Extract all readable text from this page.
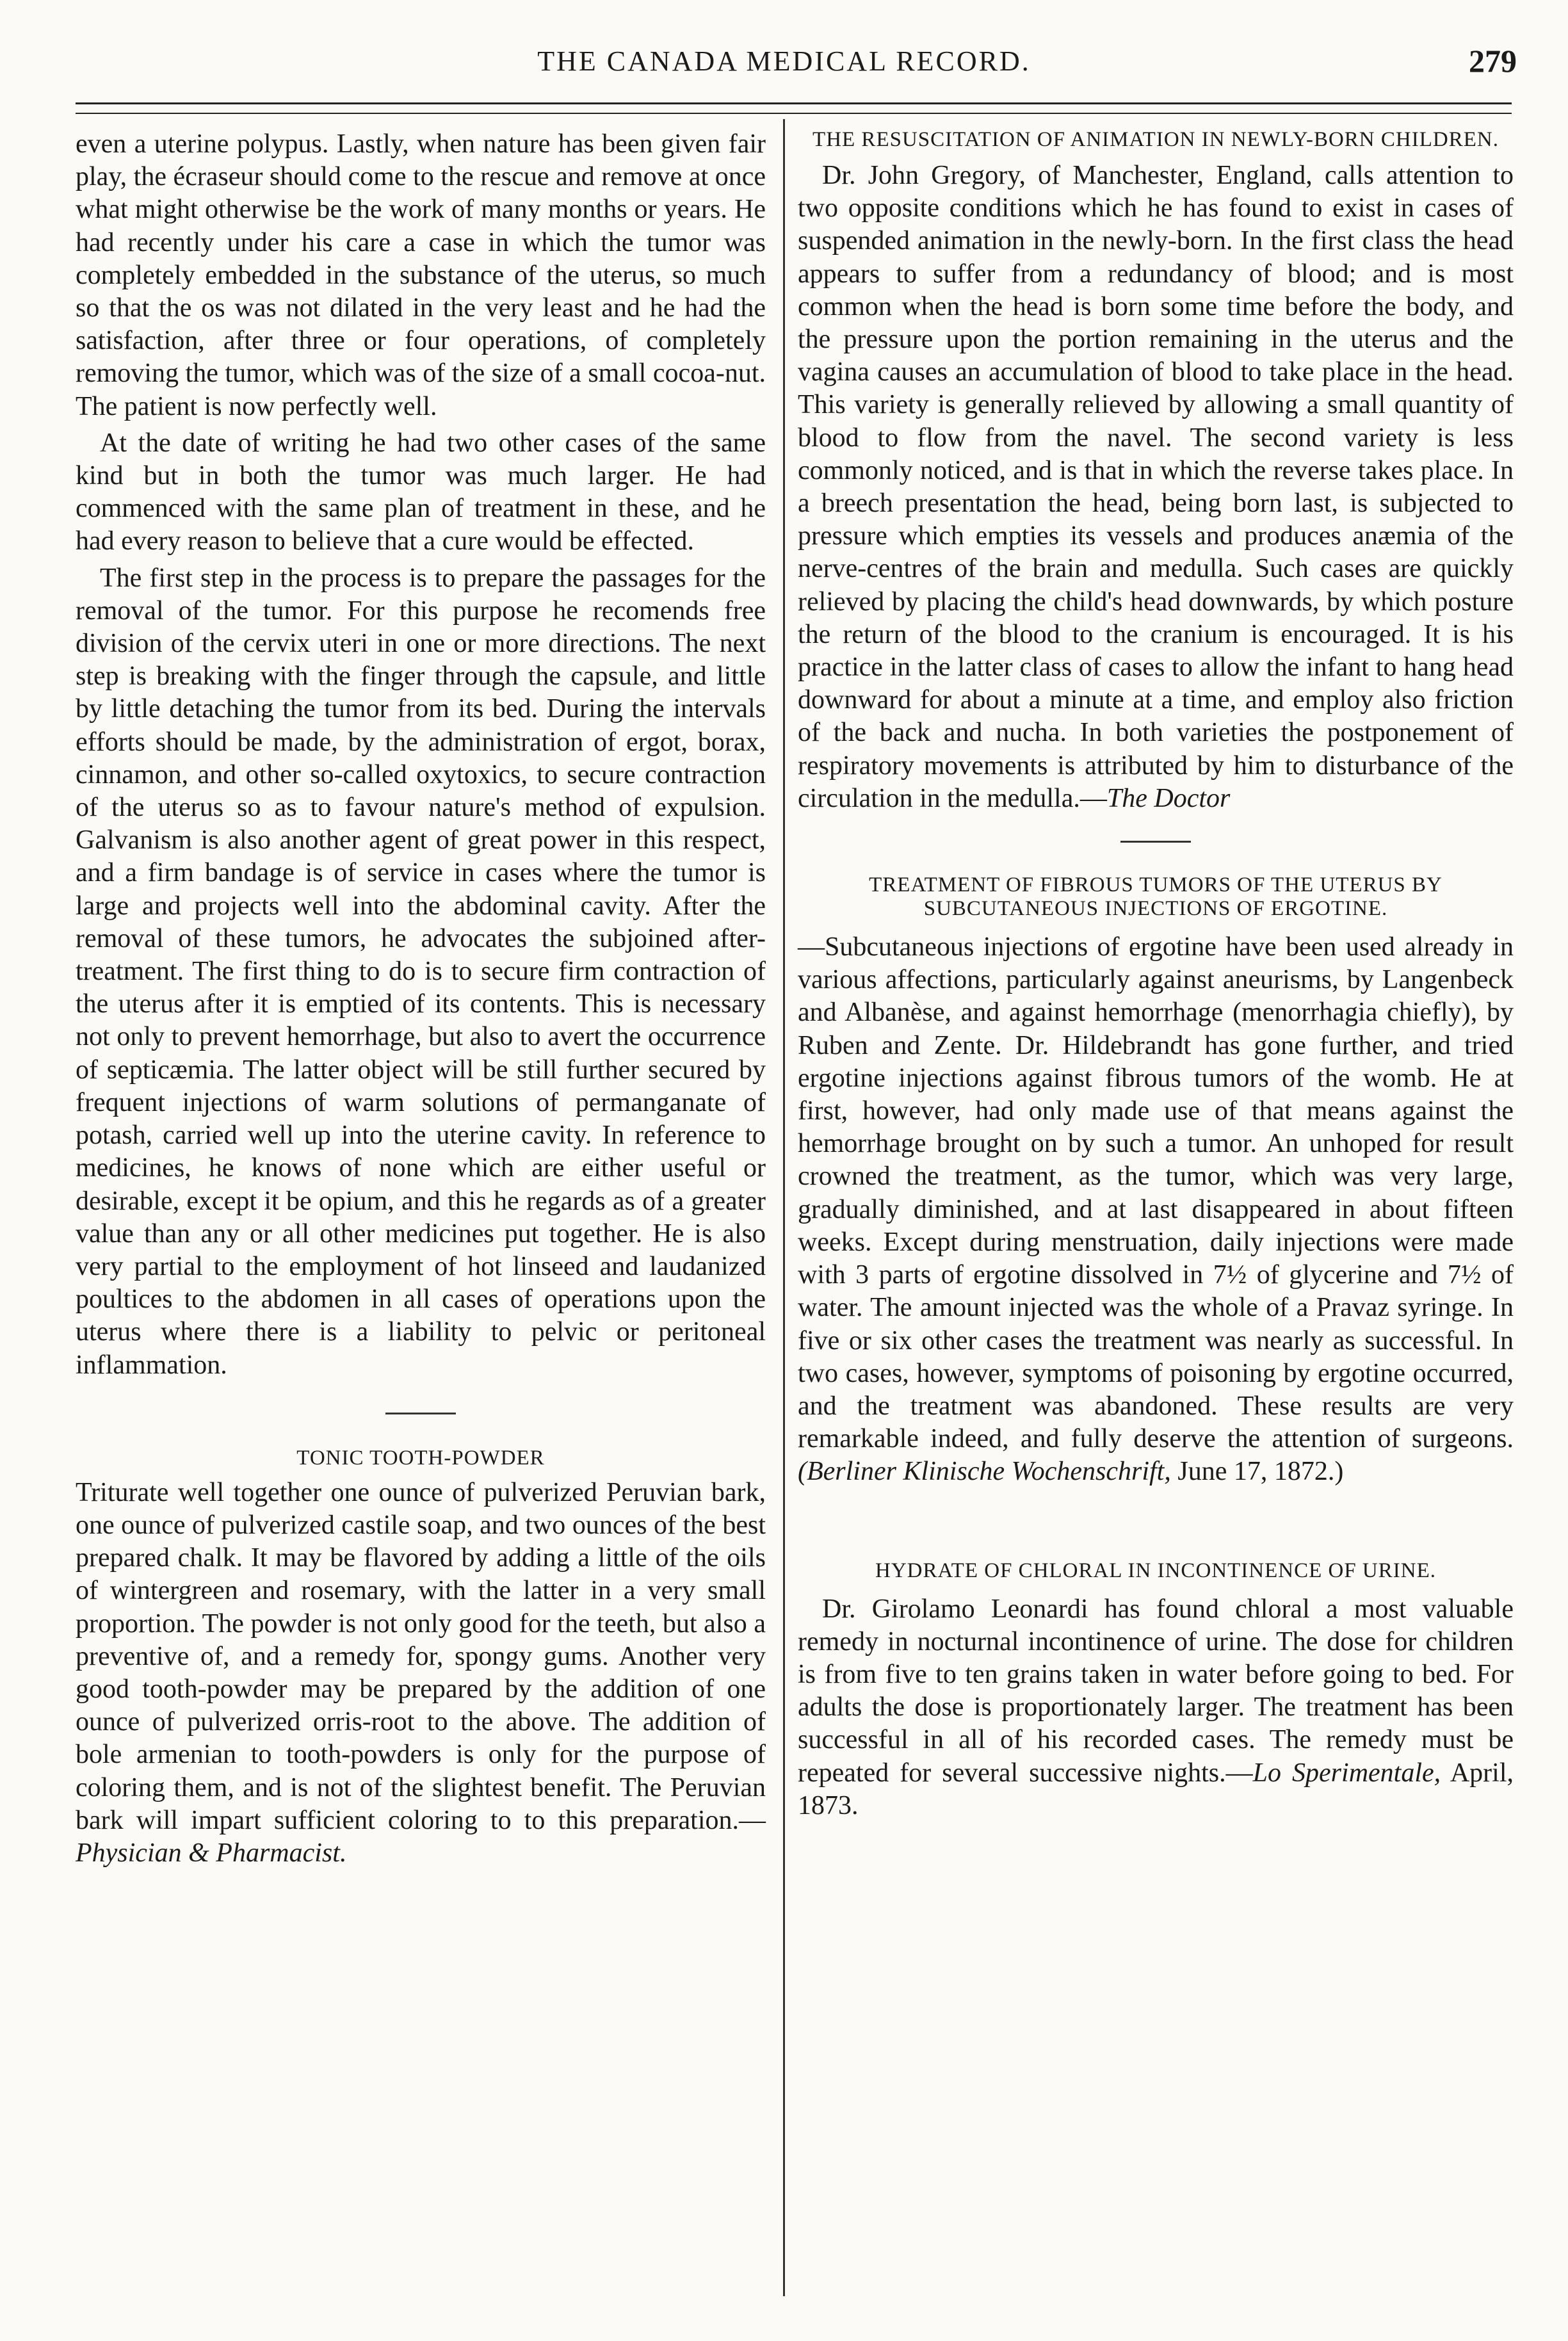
THE CANADA MEDICAL RECORD.	279

even a uterine polypus. Lastly, when nature has been given fair play, the écraseur should come to the rescue and remove at once what might otherwise be the work of many months or years. He had recently under his care a case in which the tumor was completely embedded in the substance of the uterus, so much so that the os was not dilated in the very least and he had the satisfaction, after three or four operations, of completely removing the tumor, which was of the size of a small cocoa-nut. The patient is now perfectly well.

At the date of writing he had two other cases of the same kind but in both the tumor was much larger. He had commenced with the same plan of treatment in these, and he had every reason to believe that a cure would be effected.

The first step in the process is to prepare the passages for the removal of the tumor. For this purpose he recomends free division of the cervix uteri in one or more directions. The next step is breaking with the finger through the capsule, and little by little detaching the tumor from its bed. During the intervals efforts should be made, by the administration of ergot, borax, cinnamon, and other so-called oxytoxics, to secure contraction of the uterus so as to favour nature's method of expulsion. Galvanism is also another agent of great power in this respect, and a firm bandage is of service in cases where the tumor is large and projects well into the abdominal cavity. After the removal of these tumors, he advocates the subjoined after-treatment. The first thing to do is to secure firm contraction of the uterus after it is emptied of its contents. This is necessary not only to prevent hemorrhage, but also to avert the occurrence of septicæmia. The latter object will be still further secured by frequent injections of warm solutions of permanganate of potash, carried well up into the uterine cavity. In reference to medicines, he knows of none which are either useful or desirable, except it be opium, and this he regards as of a greater value than any or all other medicines put together. He is also very partial to the employment of hot linseed and laudanized poultices to the abdomen in all cases of operations upon the uterus where there is a liability to pelvic or peritoneal inflammation.

TONIC TOOTH-POWDER

Triturate well together one ounce of pulverized Peruvian bark, one ounce of pulverized castile soap, and two ounces of the best prepared chalk. It may be flavored by adding a little of the oils of wintergreen and rosemary, with the latter in a very small proportion. The powder is not only good for the teeth, but also a preventive of, and a remedy for, spongy gums. Another very good tooth-powder may be prepared by the addition of one ounce of pulverized orris-root to the above. The addition of bole armenian to tooth-powders is only for the purpose of coloring them, and is not of the slightest benefit. The Peruvian bark will impart sufficient coloring to to this preparation.—Physician & Pharmacist.

THE RESUSCITATION OF ANIMATION IN NEWLY-BORN CHILDREN.

Dr. John Gregory, of Manchester, England, calls attention to two opposite conditions which he has found to exist in cases of suspended animation in the newly-born. In the first class the head appears to suffer from a redundancy of blood; and is most common when the head is born some time before the body, and the pressure upon the portion remaining in the uterus and the vagina causes an accumulation of blood to take place in the head. This variety is generally relieved by allowing a small quantity of blood to flow from the navel. The second variety is less commonly noticed, and is that in which the reverse takes place. In a breech presentation the head, being born last, is subjected to pressure which empties its vessels and produces anæmia of the nerve-centres of the brain and medulla. Such cases are quickly relieved by placing the child's head downwards, by which posture the return of the blood to the cranium is encouraged. It is his practice in the latter class of cases to allow the infant to hang head downward for about a minute at a time, and employ also friction of the back and nucha. In both varieties the postponement of respiratory movements is attributed by him to disturbance of the circulation in the medulla.—The Doctor

TREATMENT OF FIBROUS TUMORS OF THE UTERUS BY SUBCUTANEOUS INJECTIONS OF ERGOTINE.

—Subcutaneous injections of ergotine have been used already in various affections, particularly against aneurisms, by Langenbeck and Albanèse, and against hemorrhage (menorrhagia chiefly), by Ruben and Zente. Dr. Hildebrandt has gone further, and tried ergotine injections against fibrous tumors of the womb. He at first, however, had only made use of that means against the hemorrhage brought on by such a tumor. An unhoped for result crowned the treatment, as the tumor, which was very large, gradually diminished, and at last disappeared in about fifteen weeks. Except during menstruation, daily injections were made with 3 parts of ergotine dissolved in 7½ of glycerine and 7½ of water. The amount injected was the whole of a Pravaz syringe. In five or six other cases the treatment was nearly as successful. In two cases, however, symptoms of poisoning by ergotine occurred, and the treatment was abandoned. These results are very remarkable indeed, and fully deserve the attention of surgeons. (Berliner Klinische Wochenschrift, June 17, 1872.)

HYDRATE OF CHLORAL IN INCONTINENCE OF URINE.

Dr. Girolamo Leonardi has found chloral a most valuable remedy in nocturnal incontinence of urine. The dose for children is from five to ten grains taken in water before going to bed. For adults the dose is proportionately larger. The treatment has been successful in all of his recorded cases. The remedy must be repeated for several successive nights.—Lo Sperimentale, April, 1873.
